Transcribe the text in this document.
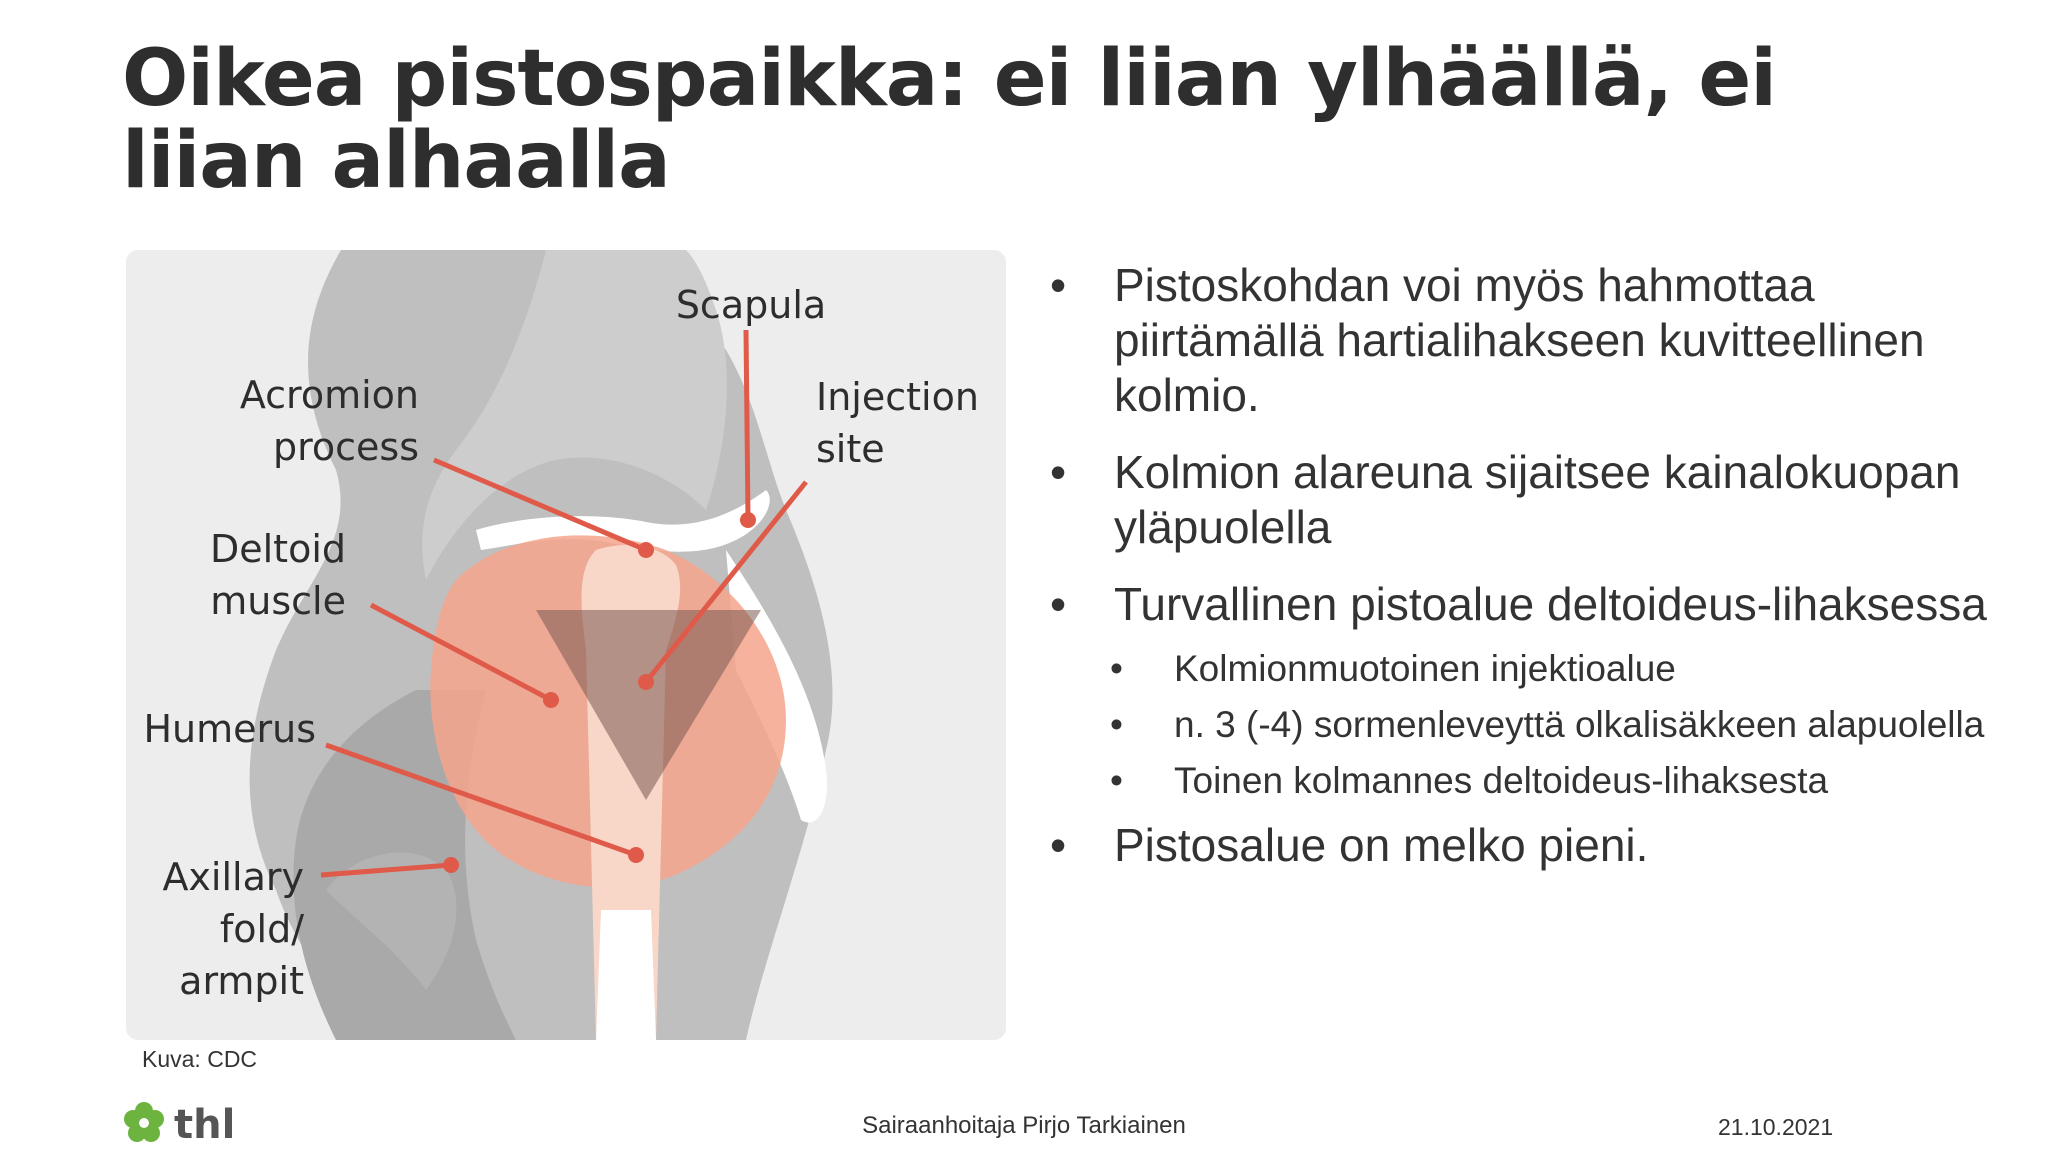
Oikea pistospaikka: ei liian ylhäällä, ei liian alhaalla
Scapula
Acromion
process
Injection
site
Deltoid
muscle
Humerus
Axillary
fold/
armpit
Kuva: CDC
• Pistoskohdan voi myös hahmottaa piirtämällä hartialihakseen kuvitteellinen kolmio.
• Kolmion alareuna sijaitsee kainalokuopan yläpuolella
• Turvallinen pistoalue deltoideus-lihaksessa
• Kolmionmuotoinen injektioalue
• n. 3 (-4) sormenleveyttä olkalisäkkeen alapuolella
• Toinen kolmannes deltoideus-lihaksesta
• Pistosalue on melko pieni.
thl	Sairaanhoitaja Pirjo Tarkiainen	21.10.2021
